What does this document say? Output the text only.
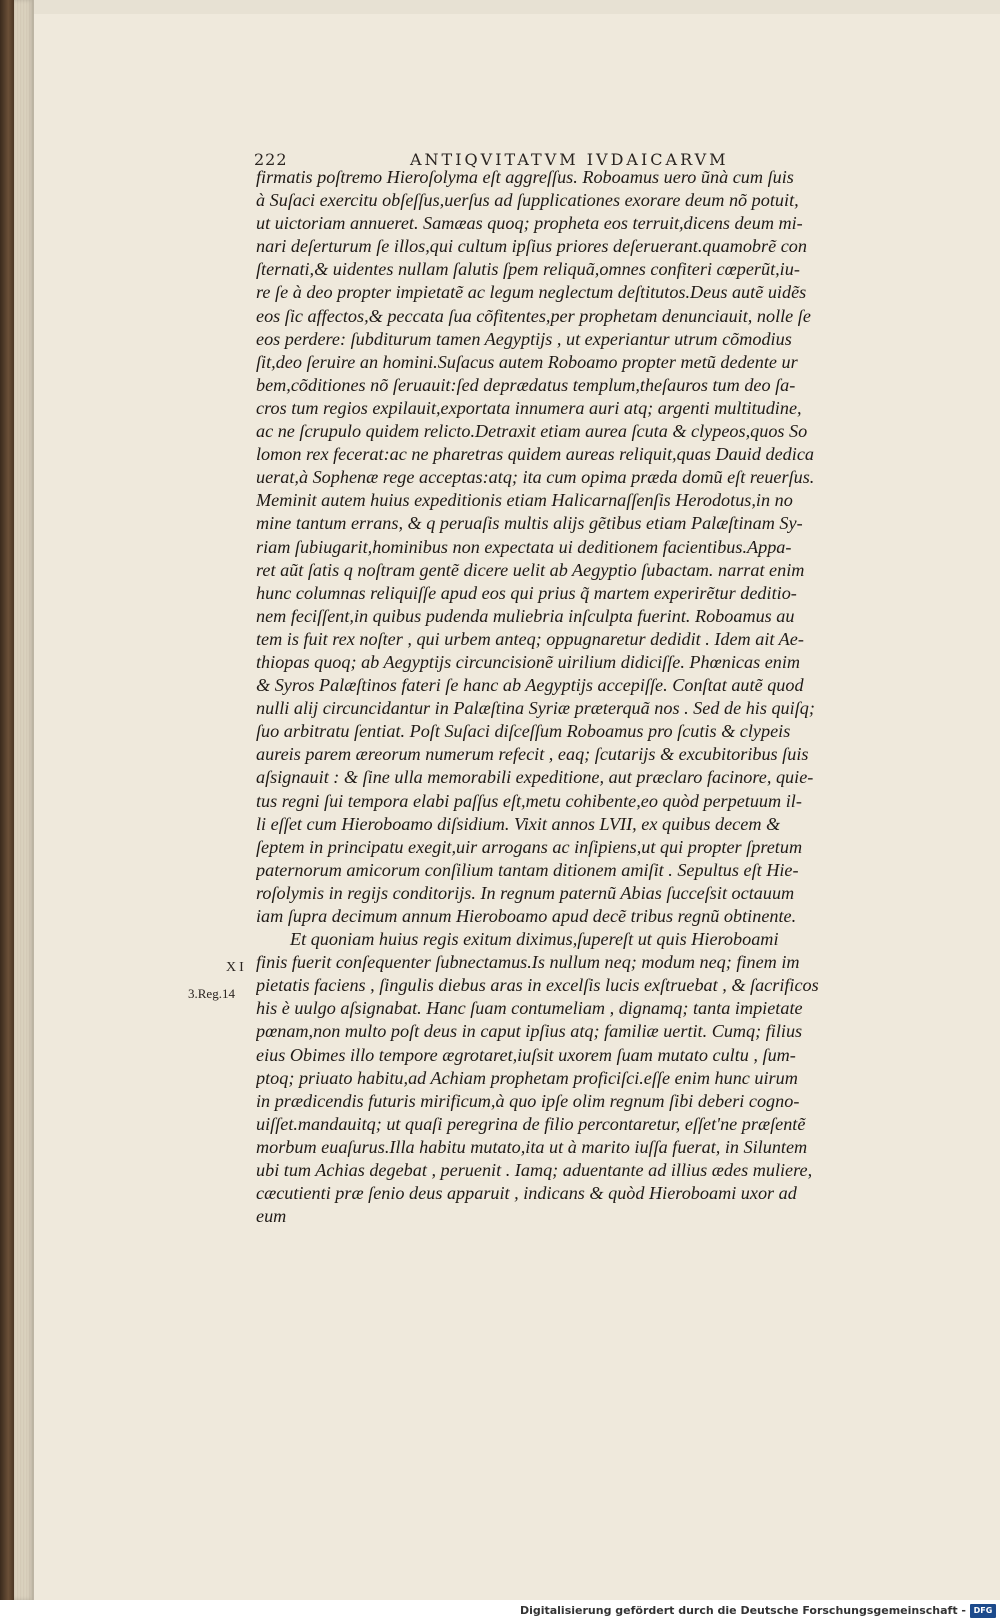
222	ANTIQVITATVM IVDAICARVM
XI
3.Reg.14
firmatis poſtremo Hieroſolyma eſt aggreſſus. Roboamus uero ũnà cum ſuis
à Suſaci exercitu obſeſſus,uerſus ad ſupplicationes exorare deum nõ potuit,
ut uictoriam annueret. Samæas quoq; propheta eos terruit,dicens deum mi-
nari deſerturum ſe illos,qui cultum ipſius priores deſeruerant.quamobrẽ con
ſternati,& uidentes nullam ſalutis ſpem reliquã,omnes confiteri cœperũt,iu-
re ſe à deo propter impietatẽ ac legum neglectum deſtitutos.Deus autẽ uidẽs
eos ſic affectos,& peccata ſua cõfitentes,per prophetam denunciauit, nolle ſe
eos perdere: ſubditurum tamen Aegyptijs , ut experiantur utrum cõmodius
ſit,deo ſeruire an homini.Suſacus autem Roboamo propter metũ dedente ur
bem,cõditiones nõ ſeruauit:ſed deprædatus templum,theſauros tum deo ſa-
cros tum regios expilauit,exportata innumera auri atq; argenti multitudine,
ac ne ſcrupulo quidem relicto.Detraxit etiam aurea ſcuta & clypeos,quos So
lomon rex fecerat:ac ne pharetras quidem aureas reliquit,quas Dauid dedica
uerat,à Sophenæ rege acceptas:atq; ita cum opima præda domũ eſt reuerſus.
Meminit autem huius expeditionis etiam Halicarnaſſenſis Herodotus,in no
mine tantum errans, & q peruaſis multis alijs gẽtibus etiam Palæſtinam Sy-
riam ſubiugarit,hominibus non expectata ui deditionem facientibus.Appa-
ret aũt ſatis q noſtram gentẽ dicere uelit ab Aegyptio ſubactam. narrat enim
hunc columnas reliquiſſe apud eos qui prius q̃ martem experirẽtur deditio-
nem feciſſent,in quibus pudenda muliebria inſculpta fuerint. Roboamus au
tem is fuit rex noſter , qui urbem anteq; oppugnaretur dedidit . Idem ait Ae-
thiopas quoq; ab Aegyptijs circuncisionẽ uirilium didiciſſe. Phœnicas enim
& Syros Palæſtinos fateri ſe hanc ab Aegyptijs accepiſſe. Conſtat autẽ quod
nulli alij circuncidantur in Palæſtina Syriæ præterquã nos . Sed de his quiſq;
ſuo arbitratu ſentiat. Poſt Suſaci diſceſſum Roboamus pro ſcutis & clypeis
aureis parem æreorum numerum refecit , eaq; ſcutarijs & excubitoribus ſuis
aſsignauit : & ſine ulla memorabili expeditione, aut præclaro facinore, quie-
tus regni ſui tempora elabi paſſus eſt,metu cohibente,eo quòd perpetuum il-
li eſſet cum Hieroboamo diſsidium. Vixit annos LVII, ex quibus decem &
ſeptem in principatu exegit,uir arrogans ac inſipiens,ut qui propter ſpretum
paternorum amicorum conſilium tantam ditionem amiſit . Sepultus eſt Hie-
roſolymis in regijs conditorijs. In regnum paternũ Abias ſucceſsit octauum
iam ſupra decimum annum Hieroboamo apud decẽ tribus regnũ obtinente.
Et quoniam huius regis exitum diximus,ſupereſt ut quis Hieroboami
finis fuerit conſequenter ſubnectamus.Is nullum neq; modum neq; finem im
pietatis faciens , ſingulis diebus aras in excelſis lucis exſtruebat , & ſacrificos
his è uulgo aſsignabat. Hanc ſuam contumeliam , dignamq; tanta impietate
pœnam,non multo poſt deus in caput ipſius atq; familiæ uertit. Cumq; filius
eius Obimes illo tempore ægrotaret,iuſsit uxorem ſuam mutato cultu , ſum-
ptoq; priuato habitu,ad Achiam prophetam proficiſci.eſſe enim hunc uirum
in prædicendis futuris mirificum,à quo ipſe olim regnum ſibi deberi cogno-
uiſſet.mandauitq; ut quaſi peregrina de filio percontaretur, eſſet'ne præſentẽ
morbum euaſurus.Illa habitu mutato,ita ut à marito iuſſa fuerat, in Siluntem
ubi tum Achias degebat , peruenit . Iamq; aduentante ad illius ædes muliere,
cæcutienti præ ſenio deus apparuit , indicans & quòd Hieroboami uxor ad
eum
Digitalisierung gefördert durch die Deutsche Forschungsgemeinschaft - DFG
